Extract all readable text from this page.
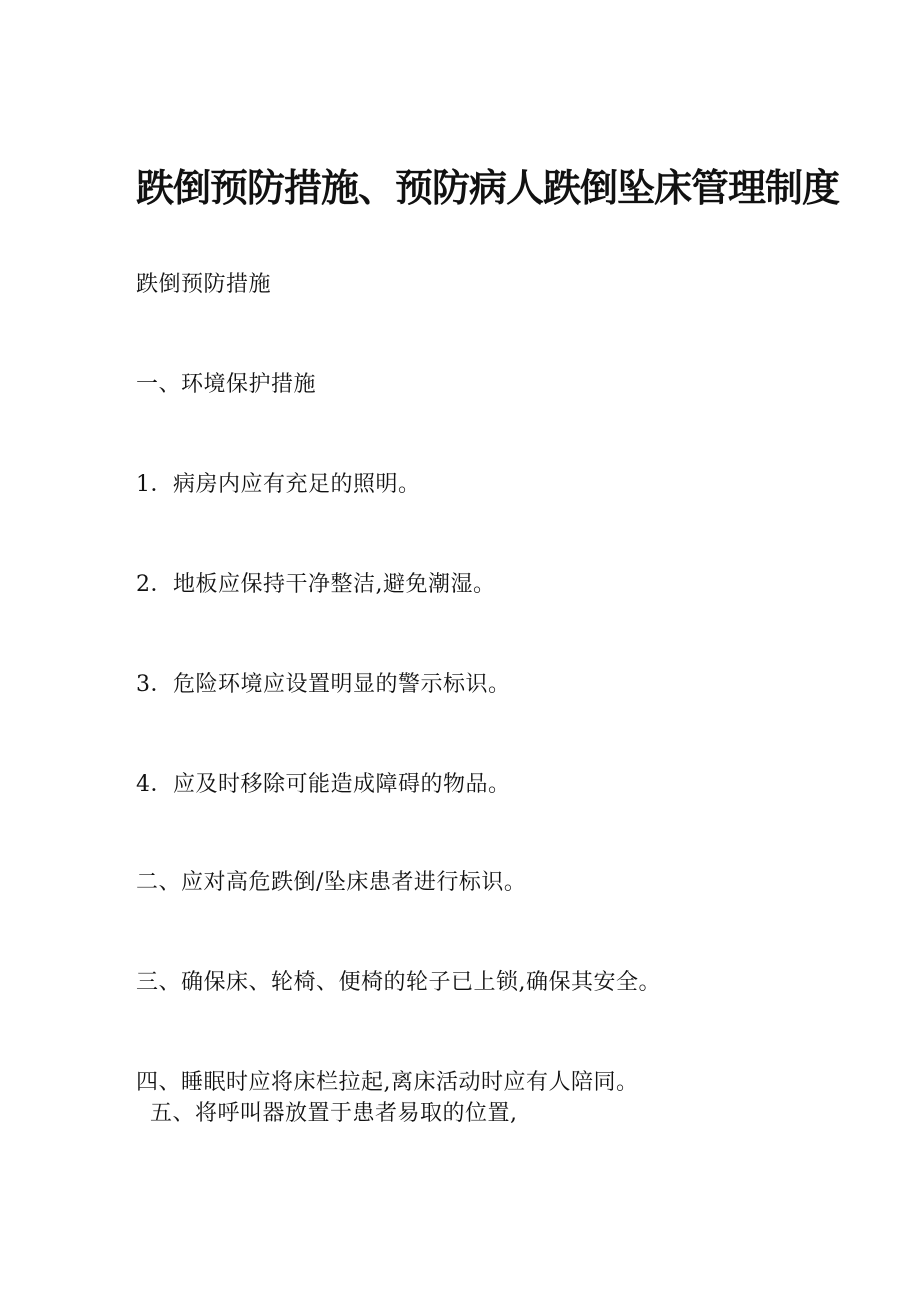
跌倒预防措施、预防病人跌倒坠床管理制度
跌倒预防措施
一、环境保护措施
1．病房内应有充足的照明。
2．地板应保持干净整洁,避免潮湿。
3．危险环境应设置明显的警示标识。
4．应及时移除可能造成障碍的物品。
二、应对高危跌倒/坠床患者进行标识。
三、确保床、轮椅、便椅的轮子已上锁,确保其安全。
四、睡眠时应将床栏拉起,离床活动时应有人陪同。
五、将呼叫器放置于患者易取的位置,
